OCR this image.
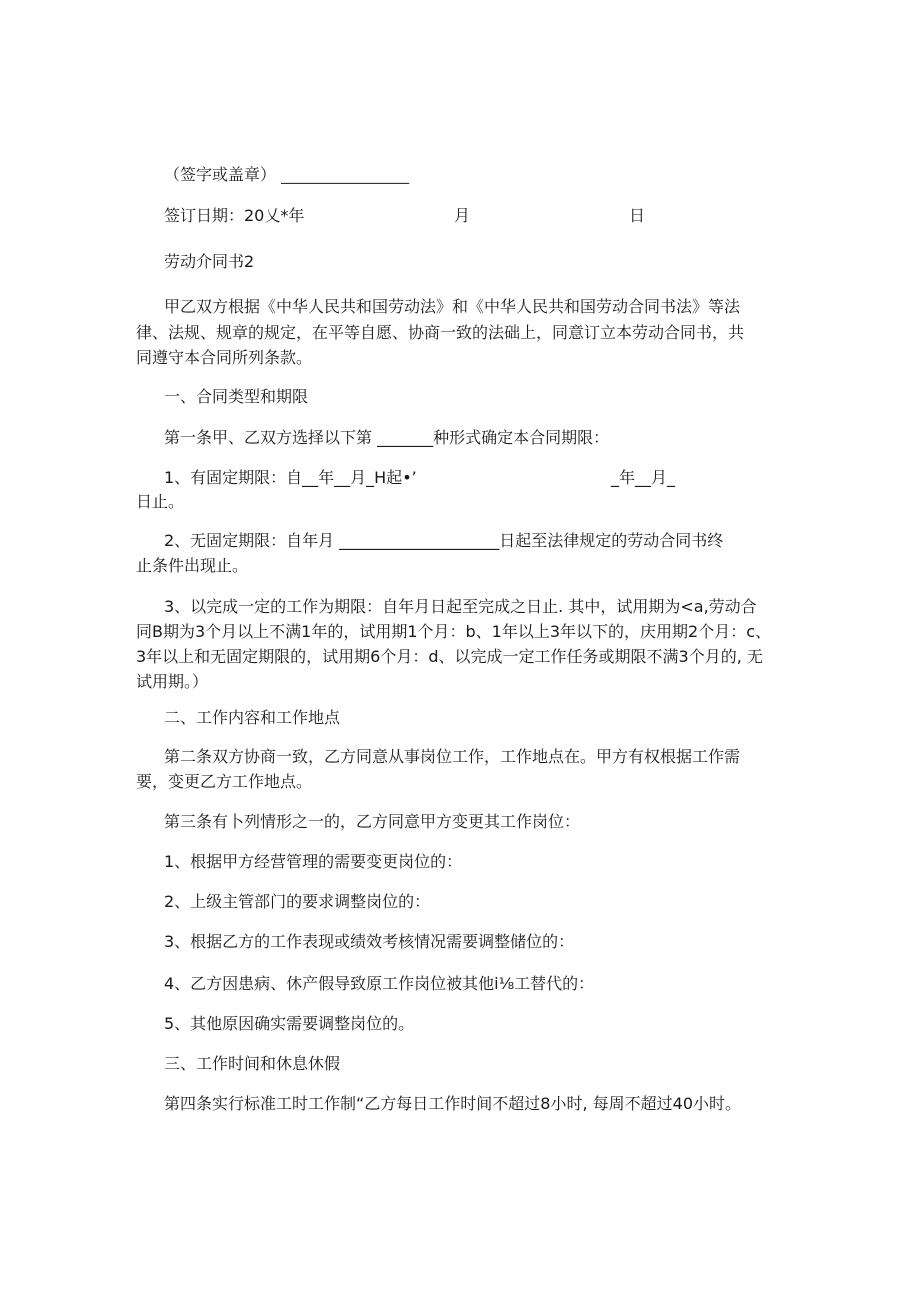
（签字或盖章） ________________
签订日期：20乂*年	月	日
劳动介同书2
甲乙双方根据《中华人民共和国劳动法》和《中华人民共和国劳动合同书法》等法
律、法规、规章的规定，在平等自愿、协商一致的法础上，同意订立本劳动合同书，共
同遵守本合同所列条款。
一、合同类型和期限
第一条甲、乙双方选择以下第 _______种形式确定本合同期限：
1、有固定期限：自__年__月_H起•’	_年__月_
日止。
2、无固定期限：自年月 ____________________日起至法律规定的劳动合同书终
止条件出现止。
3、以完成一定的工作为期限：自年月日起至完成之日止. 其中，试用期为<a,劳动合
同B期为3个月以上不满1年的，试用期1个月：b、1年以上3年以下的，庆用期2个月：c、
3年以上和无固定期限的，试用期6个月：d、以完成一定工作任务或期限不满3个月的, 无
试用期。）
二、工作内容和工作地点
第二条双方协商一致，乙方同意从事岗位工作，工作地点在。甲方有权根据工作需
要，变更乙方工作地点。
第三条有卜列情形之一的，乙方同意甲方变更其工作岗位：
1、根据甲方经营管理的需要变更岗位的：
2、上级主管部门的要求调整岗位的：
3、根据乙方的工作表现或绩效考核情况需要调整储位的：
4、乙方因患病、休产假导致原工作岗位被其他i⅛工替代的：
5、其他原因确实需要调整岗位的。
三、工作时间和休息休假
第四条实行标准工时工作制“乙方每日工作时间不超过8小时, 每周不超过40小时。
